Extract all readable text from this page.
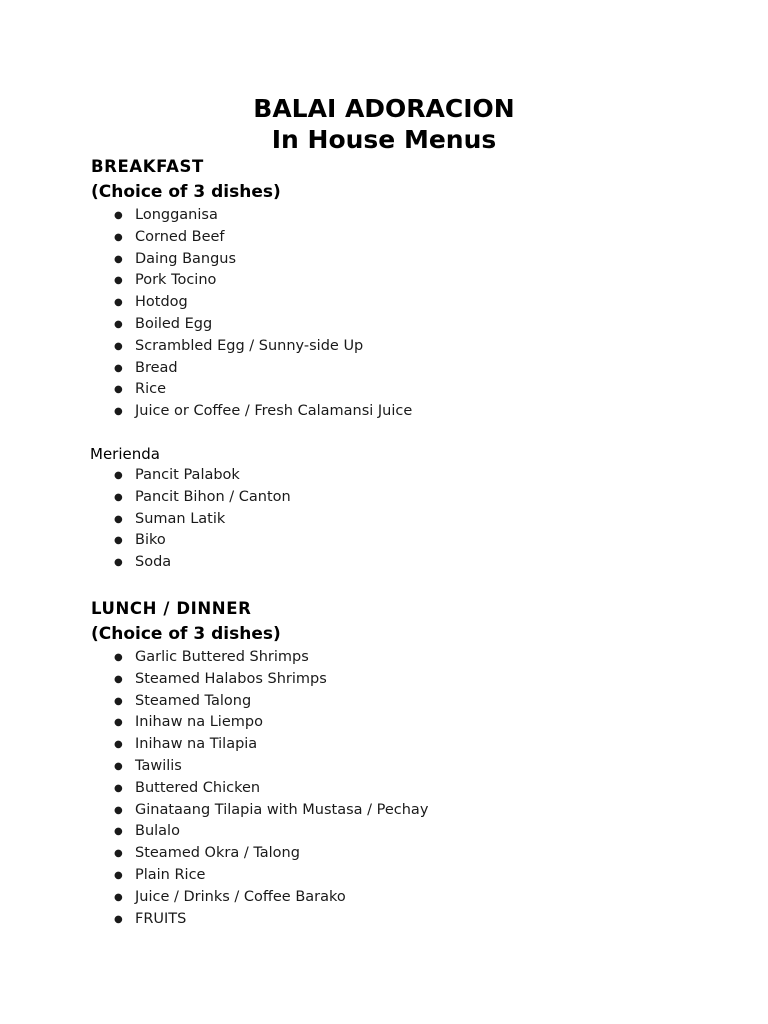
BALAI ADORACION
In House Menus
BREAKFAST
(Choice of 3 dishes)
● Longganisa
● Corned Beef
● Daing Bangus
● Pork Tocino
● Hotdog
● Boiled Egg
● Scrambled Egg / Sunny-side Up
● Bread
● Rice
● Juice or Coffee / Fresh Calamansi Juice
Merienda
● Pancit Palabok
● Pancit Bihon / Canton
● Suman Latik
● Biko
● Soda
LUNCH / DINNER
(Choice of 3 dishes)
● Garlic Buttered Shrimps
● Steamed Halabos Shrimps
● Steamed Talong
● Inihaw na Liempo
● Inihaw na Tilapia
● Tawilis
● Buttered Chicken
● Ginataang Tilapia with Mustasa / Pechay
● Bulalo
● Steamed Okra / Talong
● Plain Rice
● Juice / Drinks / Coffee Barako
● FRUITS
